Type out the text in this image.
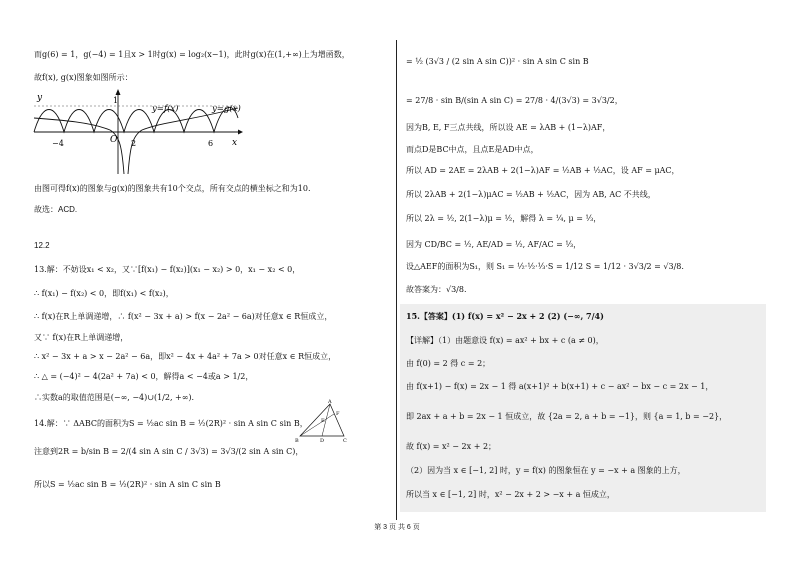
而g(6) = 1，g(−4) = 1且x > 1时g(x) = log₂(x−1)，此时g(x)在(1,+∞)上为增函数，
故f(x), g(x)图象如图所示：
y
x
O
1
−4	2	6
y=f(x)	y=g(x)
由图可得f(x)的图象与g(x)的图象共有10个交点，所有交点的横坐标之和为10.
故选：ACD.
12.2
13.解：不妨设x₁ < x₂，又∵[f(x₁) − f(x₂)](x₁ − x₂) > 0，x₁ − x₂ < 0，
∴ f(x₁) − f(x₂) < 0，即f(x₁) < f(x₂)，
∴ f(x)在R上单调递增，∴ f(x² − 3x + a) > f(x − 2a² − 6a)对任意x ∈ R恒成立，
又∵ f(x)在R上单调递增，
∴ x² − 3x + a > x − 2a² − 6a，即x² − 4x + 4a² + 7a > 0对任意x ∈ R恒成立，
∴ △ = (−4)² − 4(2a² + 7a) < 0，解得a < −4或a > 1/2，
∴实数a的取值范围是(−∞, −4)∪(1/2, +∞).
14.解：∵ ΔABC的面积为S = ½ac sin B = ½(2R)² · sin A sin C sin B，
A
B	C
D
E
F
注意到2R = b/sin B = 2/(4 sin A sin C / 3√3) = 3√3/(2 sin A sin C)，
所以S = ½ac sin B = ½(2R)² · sin A sin C sin B
= ½ (3√3 / (2 sin A sin C))² · sin A sin C sin B
= 27/8 · sin B/(sin A sin C) = 27/8 · 4/(3√3) = 3√3/2，
因为B, E, F三点共线，所以设 AE = λAB + (1−λ)AF，
而点D是BC中点，且点E是AD中点，
所以 AD = 2AE = 2λAB + 2(1−λ)AF = ½AB + ½AC，设 AF = μAC，
所以 2λAB + 2(1−λ)μAC = ½AB + ½AC，因为 AB, AC 不共线，
所以 2λ = ½, 2(1−λ)μ = ½，解得 λ = ¼, μ = ⅓，
因为 CD/BC = ½, AE/AD = ½, AF/AC = ⅓，
设△AEF的面积为S₁，则 S₁ = ½·½·⅓·S = 1/12 S = 1/12 · 3√3/2 = √3/8.
故答案为：√3/8.
15.【答案】(1) f(x) = x² − 2x + 2 (2) (−∞, 7/4)
【详解】（1）由题意设 f(x) = ax² + bx + c (a ≠ 0)，
由 f(0) = 2 得 c = 2；
由 f(x+1) − f(x) = 2x − 1 得 a(x+1)² + b(x+1) + c − ax² − bx − c = 2x − 1，
即 2ax + a + b = 2x − 1 恒成立，故 {2a = 2, a + b = −1}，则 {a = 1, b = −2}，
故 f(x) = x² − 2x + 2；
（2）因为当 x ∈ [−1, 2] 时，y = f(x) 的图象恒在 y = −x + a 图象的上方，
所以当 x ∈ [−1, 2] 时，x² − 2x + 2 > −x + a 恒成立，
第 3 页 共 6 页
